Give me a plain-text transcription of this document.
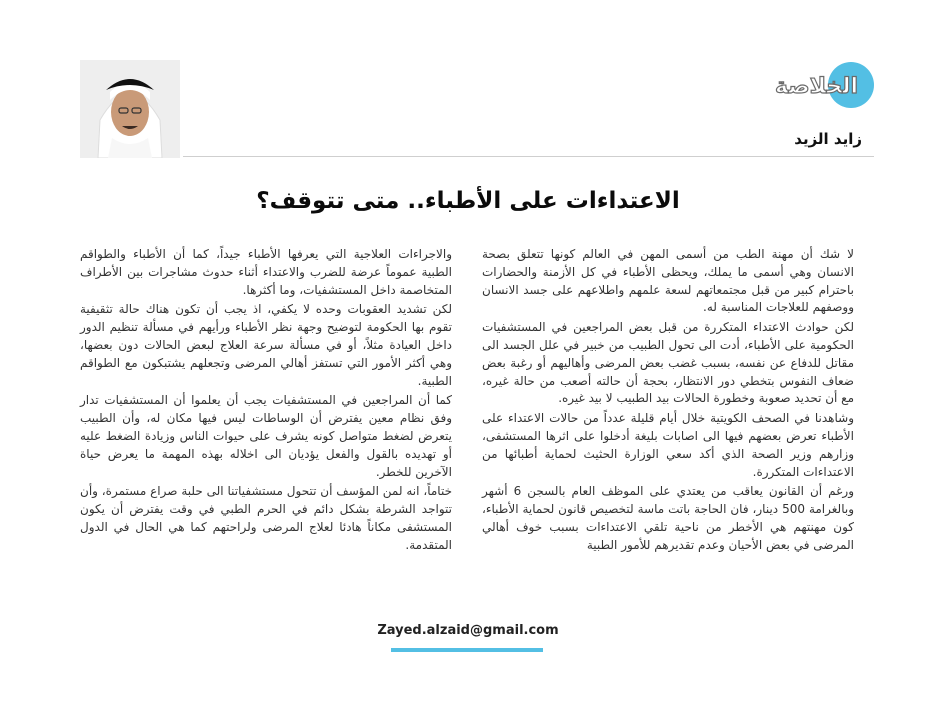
الخلاصة
زايد الزيد
الاعتداءات على الأطباء.. متى تتوقف؟

لا شك أن مهنة الطب من أسمى المهن في العالم كونها تتعلق بصحة الانسان وهي أسمى ما يملك، ويحظى الأطباء في كل الأزمنة والحضارات باحترام كبير من قبل مجتمعاتهم لسعة علمهم واطلاعهم على جسد الانسان ووصفهم للعلاجات المناسبة له.

لكن حوادث الاعتداء المتكررة من قبل بعض المراجعين في المستشفيات الحكومية على الأطباء، أدت الى تحول الطبيب من خبير في علل الجسد الى مقاتل للدفاع عن نفسه، بسبب غضب بعض المرضى وأهاليهم أو رغبة بعض ضعاف النفوس بتخطي دور الانتظار، بحجة أن حالته أصعب من حالة غيره، مع أن تحديد صعوبة وخطورة الحالات بيد الطبيب لا بيد غيره.

وشاهدنا في الصحف الكويتية خلال أيام قليلة عدداً من حالات الاعتداء على الأطباء تعرض بعضهم فيها الى اصابات بليغة أدخلوا على اثرها المستشفى، وزارهم وزير الصحة الذي أكد سعي الوزارة الحثيث لحماية أطبائها من الاعتداءات المتكررة.

ورغم أن القانون يعاقب من يعتدي على الموظف العام بالسجن 6 أشهر وبالغرامة 500 دينار، فان الحاجة باتت ماسة لتخصيص قانون لحماية الأطباء، كون مهنتهم هي الأخطر من ناحية تلقي الاعتداءات بسبب خوف أهالي المرضى في بعض الأحيان وعدم تقديرهم للأمور الطبية

والاجراءات العلاجية التي يعرفها الأطباء جيداً، كما أن الأطباء والطواقم الطبية عموماً عرضة للضرب والاعتداء أثناء حدوث مشاجرات بين الأطراف المتخاصمة داخل المستشفيات، وما أكثرها.

لكن تشديد العقوبات وحده لا يكفي، اذ يجب أن تكون هناك حالة تثقيفية تقوم بها الحكومة لتوضيح وجهة نظر الأطباء ورأيهم في مسألة تنظيم الدور داخل العيادة مثلاً، أو في مسألة سرعة العلاج لبعض الحالات دون بعضها، وهي أكثر الأمور التي تستفز أهالي المرضى وتجعلهم يشتبكون مع الطواقم الطبية.

كما أن المراجعين في المستشفيات يجب أن يعلموا أن المستشفيات تدار وفق نظام معين يفترض أن الوساطات ليس فيها مكان له، وأن الطبيب يتعرض لضغط متواصل كونه يشرف على حيوات الناس وزيادة الضغط عليه أو تهديده بالقول والفعل يؤديان الى اخلاله بهذه المهمة ما يعرض حياة الآخرين للخطر.

ختاماً، انه لمن المؤسف أن تتحول مستشفياتنا الى حلبة صراع مستمرة، وأن تتواجد الشرطة بشكل دائم في الحرم الطبي في وقت يفترض أن يكون المستشفى مكاناً هادئا لعلاج المرضى ولراحتهم كما هي الحال في الدول المتقدمة.

Zayed.alzaid@gmail.com
